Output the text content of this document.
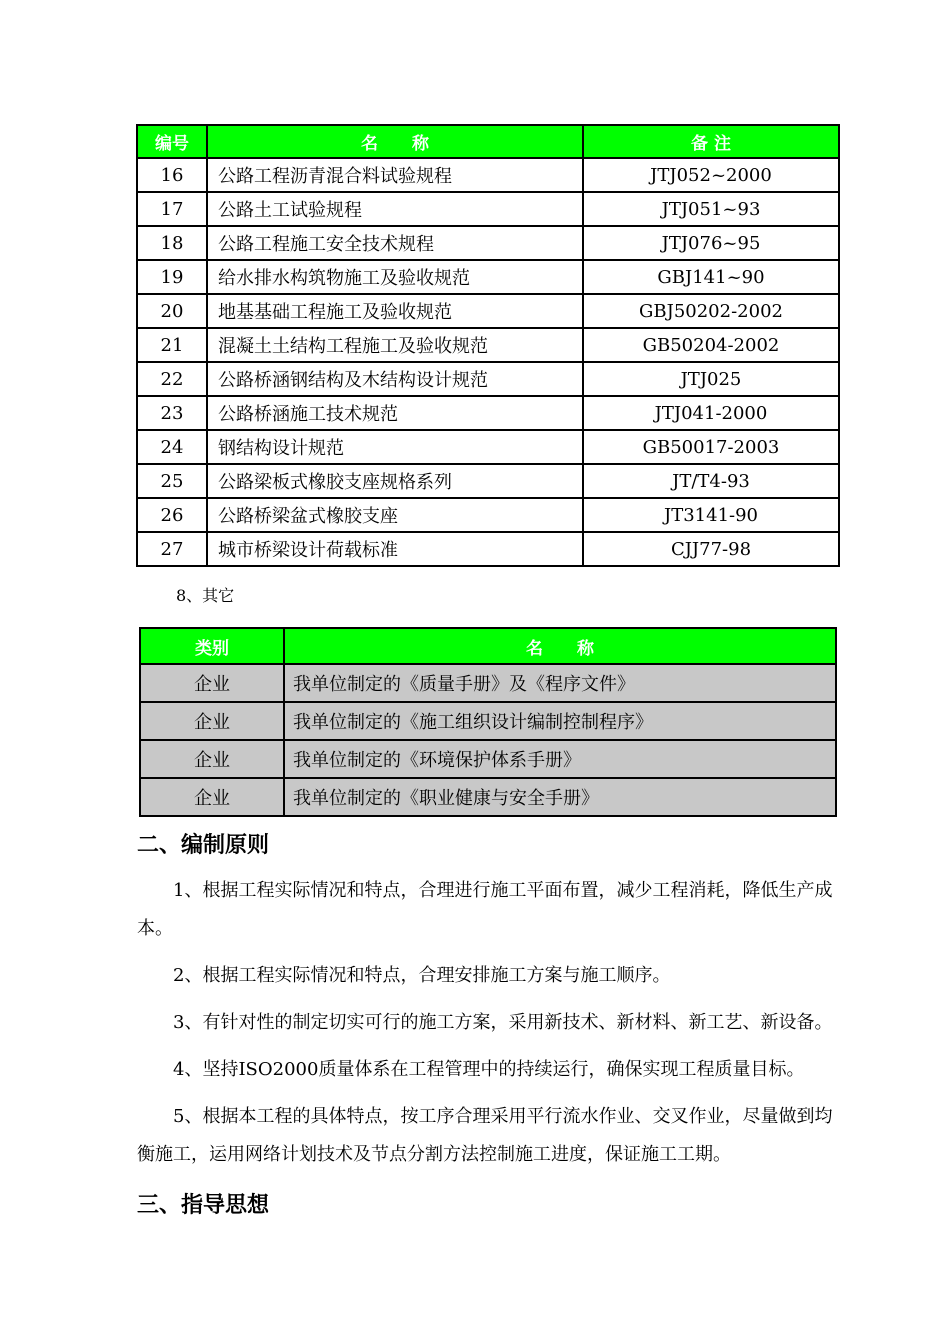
编号	名　　称	备 注
16	公路工程沥青混合料试验规程	JTJ052~2000
17	公路土工试验规程	JTJ051~93
18	公路工程施工安全技术规程	JTJ076~95
19	给水排水构筑物施工及验收规范	GBJ141~90
20	地基基础工程施工及验收规范	GBJ50202-2002
21	混凝土土结构工程施工及验收规范	GB50204-2002
22	公路桥涵钢结构及木结构设计规范	JTJ025
23	公路桥涵施工技术规范	JTJ041-2000
24	钢结构设计规范	GB50017-2003
25	公路梁板式橡胶支座规格系列	JT/T4-93
26	公路桥梁盆式橡胶支座	JT3141-90
27	城市桥梁设计荷载标准	CJJ77-98
8、其它
类别	名　　称
企业	我单位制定的《质量手册》及《程序文件》
企业	我单位制定的《施工组织设计编制控制程序》
企业	我单位制定的《环境保护体系手册》
企业	我单位制定的《职业健康与安全手册》
二、编制原则

1、根据工程实际情况和特点，合理进行施工平面布置，减少工程消耗，降低生产成本。

2、根据工程实际情况和特点，合理安排施工方案与施工顺序。

3、有针对性的制定切实可行的施工方案，采用新技术、新材料、新工艺、新设备。

4、坚持ISO2000质量体系在工程管理中的持续运行，确保实现工程质量目标。

5、根据本工程的具体特点，按工序合理采用平行流水作业、交叉作业，尽量做到均衡施工，运用网络计划技术及节点分割方法控制施工进度，保证施工工期。

三、指导思想
